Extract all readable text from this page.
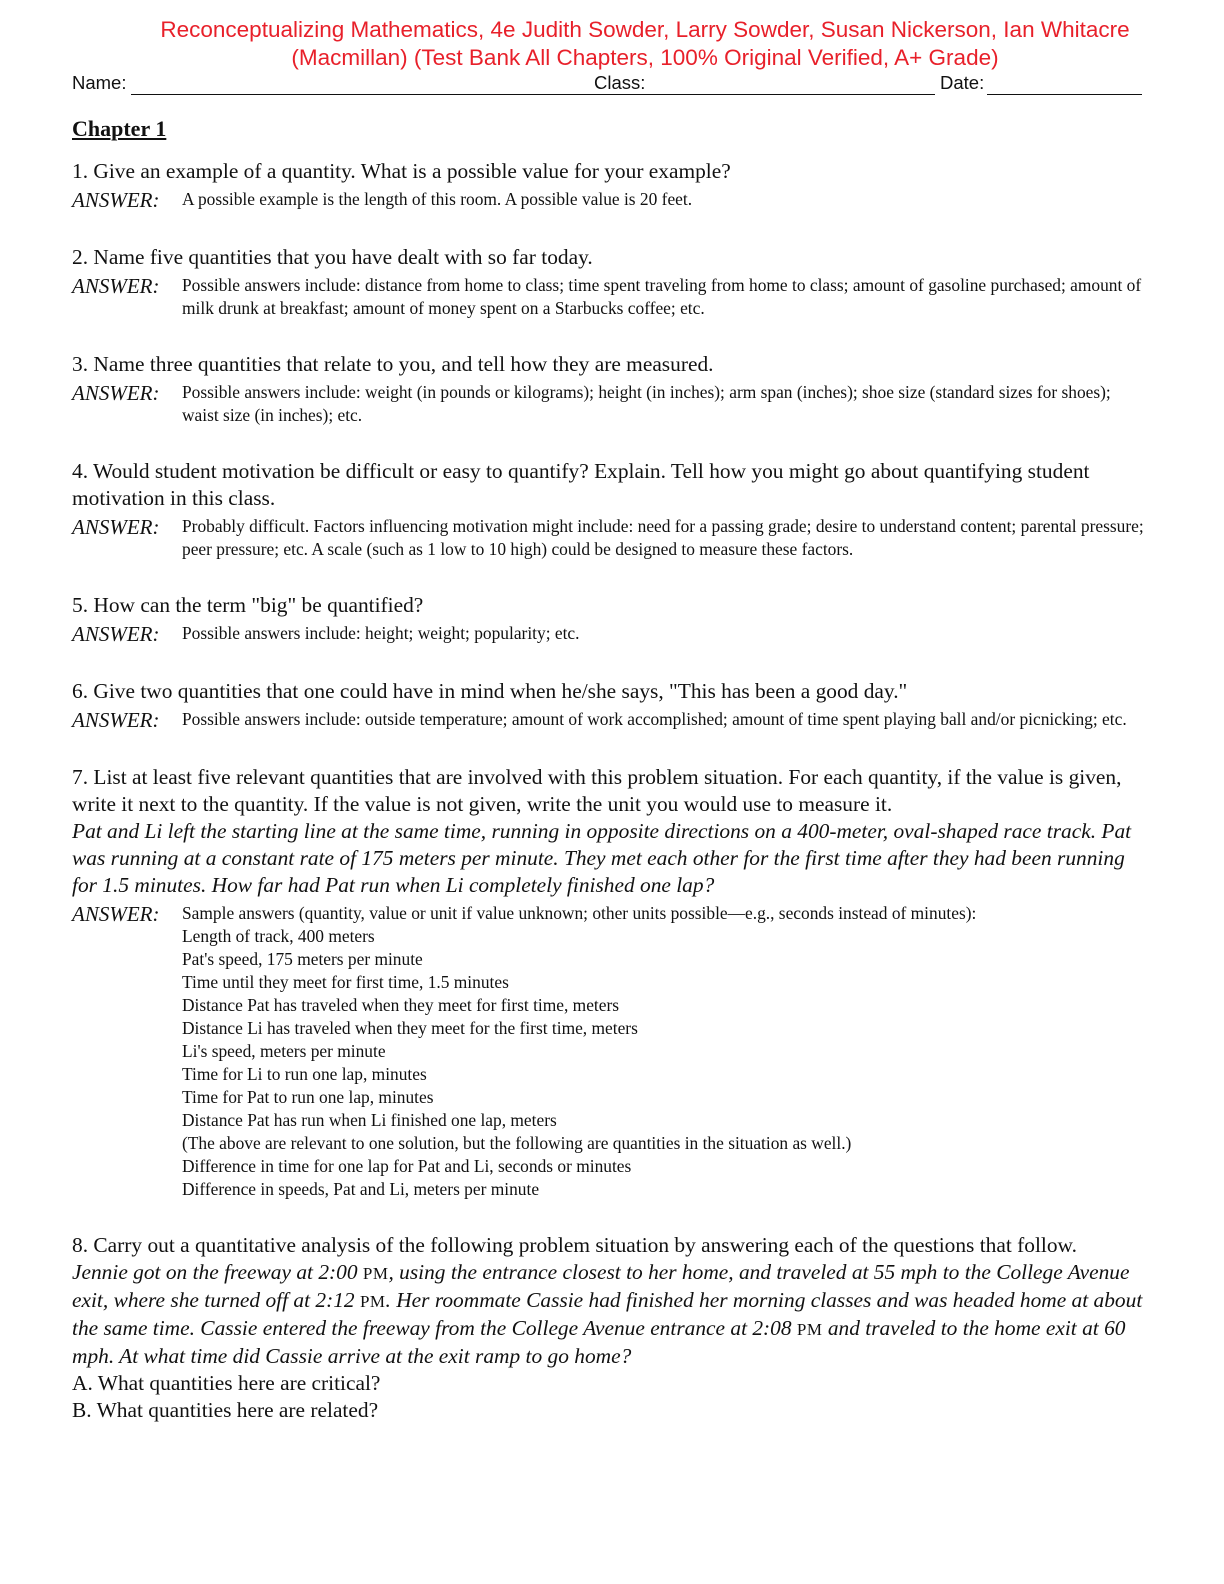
Reconceptualizing Mathematics, 4e Judith Sowder, Larry Sowder, Susan Nickerson, Ian Whitacre
(Macmillan) (Test Bank All Chapters, 100% Original Verified, A+ Grade)
Name:	Class:	Date:
Chapter 1
1. Give an example of a quantity. What is a possible value for your example?
ANSWER:	A possible example is the length of this room. A possible value is 20 feet.
2. Name five quantities that you have dealt with so far today.
ANSWER:	Possible answers include: distance from home to class; time spent traveling from home to class; amount of gasoline purchased; amount of milk drunk at breakfast; amount of money spent on a Starbucks coffee; etc.
3. Name three quantities that relate to you, and tell how they are measured.
ANSWER:	Possible answers include: weight (in pounds or kilograms); height (in inches); arm span (inches); shoe size (standard sizes for shoes); waist size (in inches); etc.
4. Would student motivation be difficult or easy to quantify? Explain. Tell how you might go about quantifying student motivation in this class.
ANSWER:	Probably difficult. Factors influencing motivation might include: need for a passing grade; desire to understand content; parental pressure; peer pressure; etc. A scale (such as 1 low to 10 high) could be designed to measure these factors.
5. How can the term "big" be quantified?
ANSWER:	Possible answers include: height; weight; popularity; etc.
6. Give two quantities that one could have in mind when he/she says, "This has been a good day."
ANSWER:	Possible answers include: outside temperature; amount of work accomplished; amount of time spent playing ball and/or picnicking; etc.
7. List at least five relevant quantities that are involved with this problem situation. For each quantity, if the value is given, write it next to the quantity. If the value is not given, write the unit you would use to measure it.
Pat and Li left the starting line at the same time, running in opposite directions on a 400-meter, oval-shaped race track. Pat was running at a constant rate of 175 meters per minute. They met each other for the first time after they had been running for 1.5 minutes. How far had Pat run when Li completely finished one lap?
ANSWER:	Sample answers (quantity, value or unit if value unknown; other units possible—e.g., seconds instead of minutes):
Length of track, 400 meters
Pat's speed, 175 meters per minute
Time until they meet for first time, 1.5 minutes
Distance Pat has traveled when they meet for first time, meters
Distance Li has traveled when they meet for the first time, meters
Li's speed, meters per minute
Time for Li to run one lap, minutes
Time for Pat to run one lap, minutes
Distance Pat has run when Li finished one lap, meters
(The above are relevant to one solution, but the following are quantities in the situation as well.)
Difference in time for one lap for Pat and Li, seconds or minutes
Difference in speeds, Pat and Li, meters per minute
8. Carry out a quantitative analysis of the following problem situation by answering each of the questions that follow.
Jennie got on the freeway at 2:00 PM, using the entrance closest to her home, and traveled at 55 mph to the College Avenue exit, where she turned off at 2:12 PM. Her roommate Cassie had finished her morning classes and was headed home at about the same time. Cassie entered the freeway from the College Avenue entrance at 2:08 PM and traveled to the home exit at 60 mph. At what time did Cassie arrive at the exit ramp to go home?
A. What quantities here are critical?
B. What quantities here are related?
